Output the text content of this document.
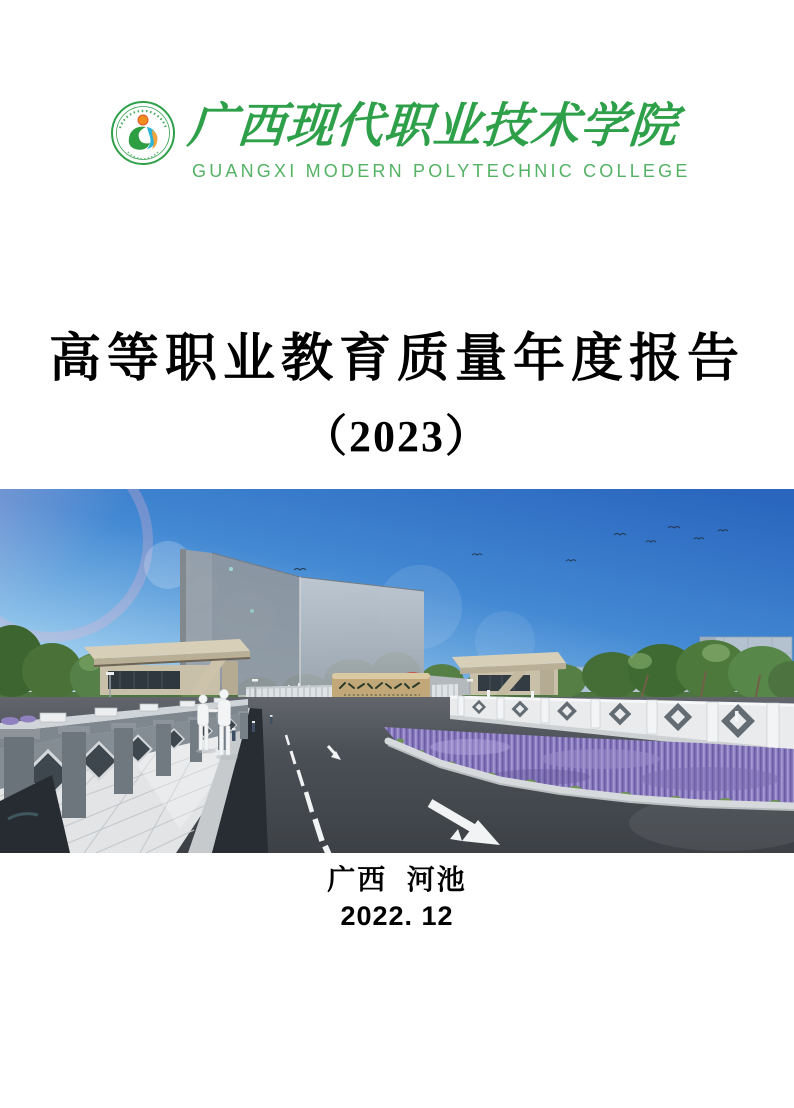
广西现代职业技术学院
GUANGXI MODERN POLYTECHNIC COLLEGE
高等职业教育质量年度报告
（2023）
广西  河池
2022. 12
